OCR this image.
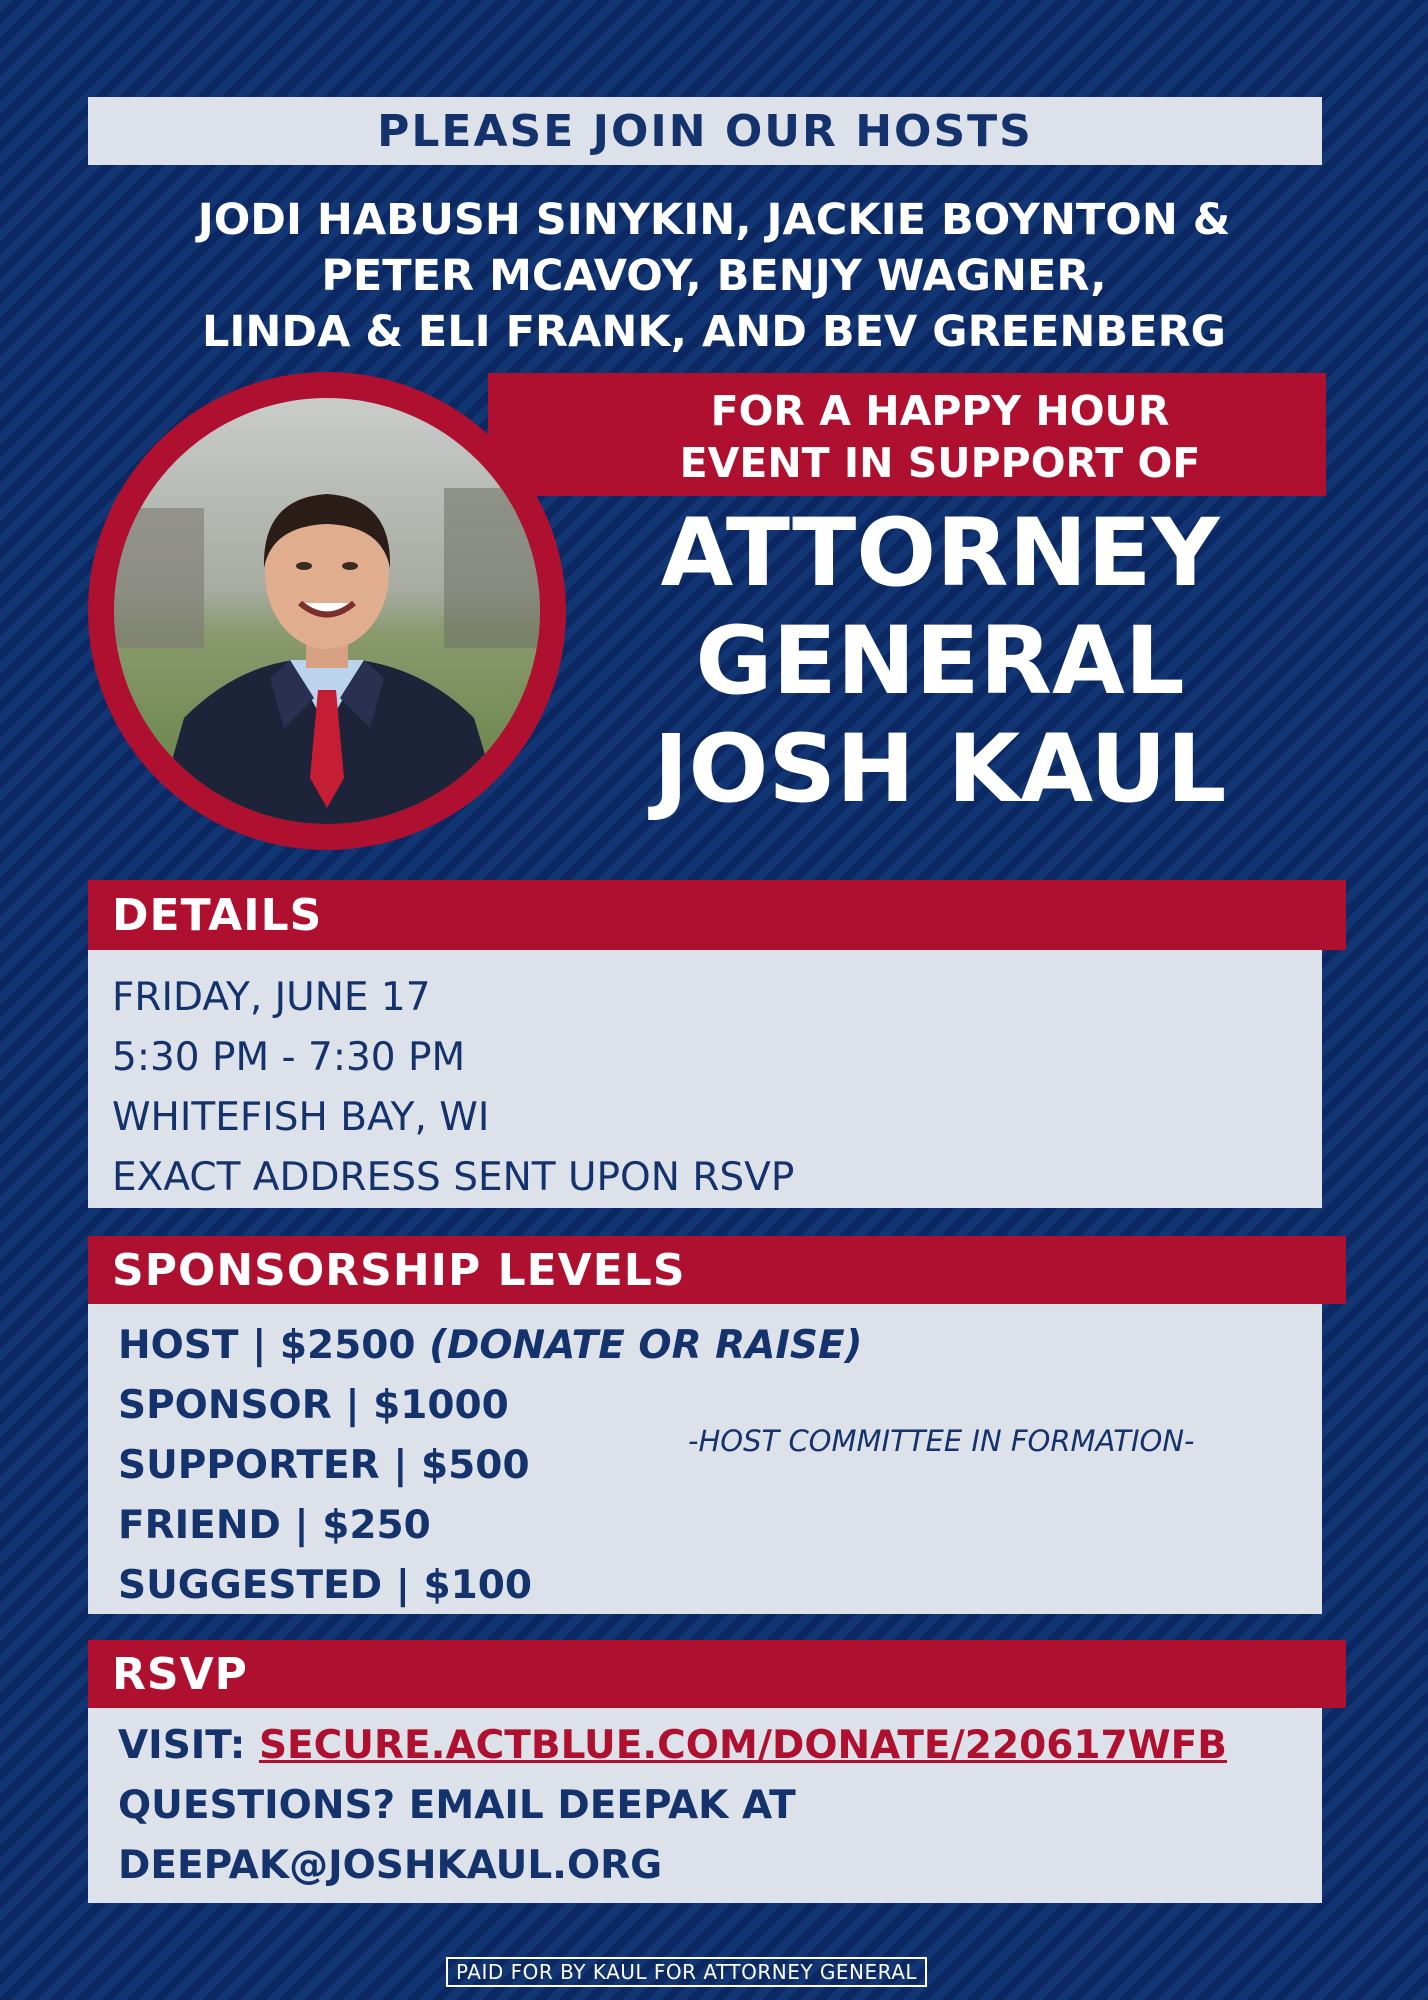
PLEASE JOIN OUR HOSTS
JODI HABUSH SINYKIN, JACKIE BOYNTON &
PETER MCAVOY, BENJY WAGNER,
LINDA & ELI FRANK, AND BEV GREENBERG
FOR A HAPPY HOUR
EVENT IN SUPPORT OF
ATTORNEY
GENERAL
JOSH KAUL
DETAILS
FRIDAY, JUNE 17
5:30 PM - 7:30 PM
WHITEFISH BAY, WI
EXACT ADDRESS SENT UPON RSVP
SPONSORSHIP LEVELS
HOST | $2500 (DONATE OR RAISE)
SPONSOR | $1000
SUPPORTER | $500
FRIEND | $250
SUGGESTED | $100
-HOST COMMITTEE IN FORMATION-
RSVP
VISIT: SECURE.ACTBLUE.COM/DONATE/220617WFB
QUESTIONS? EMAIL DEEPAK AT
DEEPAK@JOSHKAUL.ORG
PAID FOR BY KAUL FOR ATTORNEY GENERAL
